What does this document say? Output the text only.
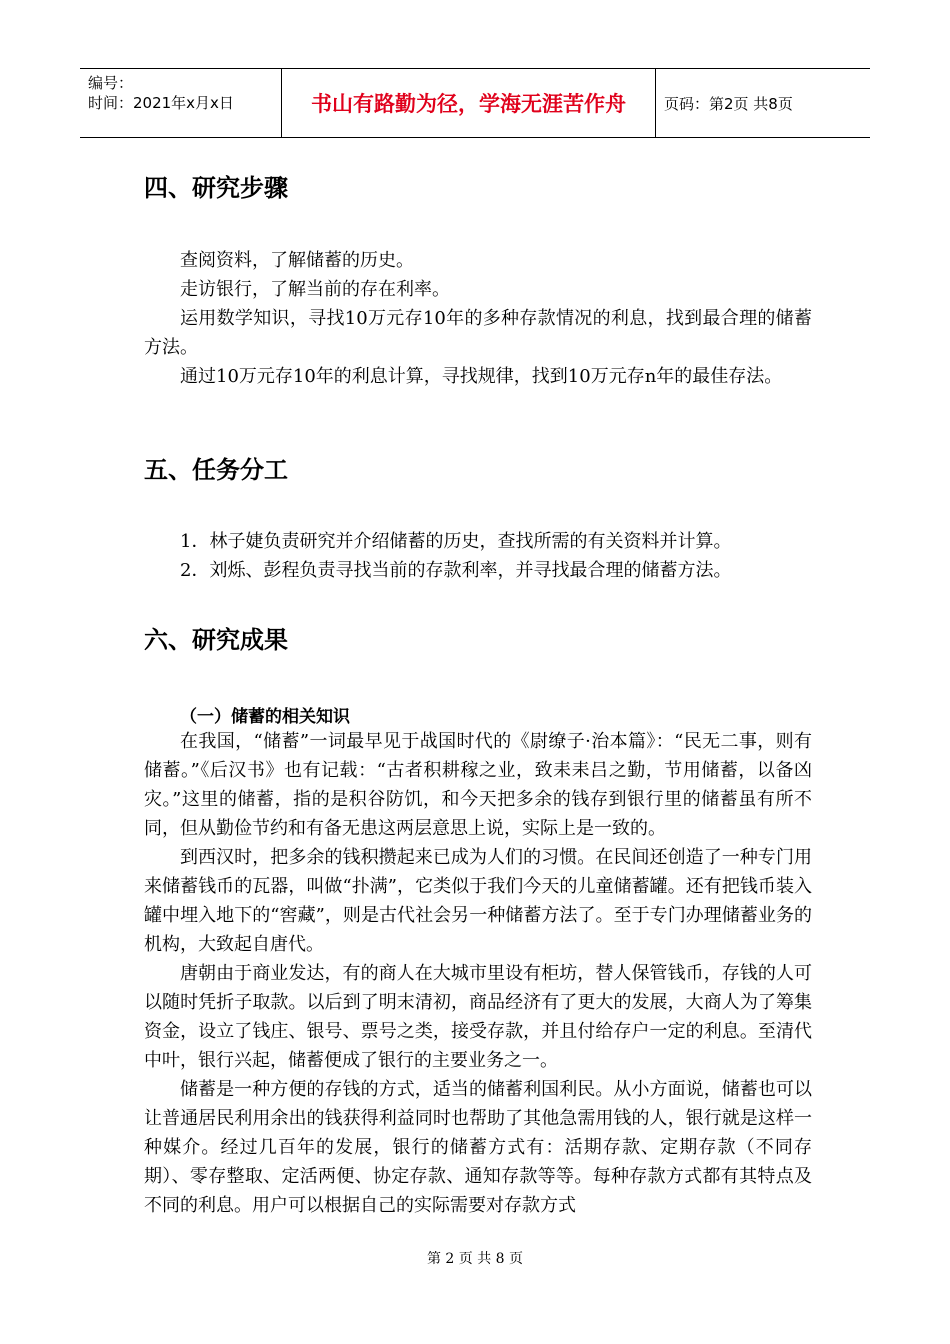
编号：
时间：2021年x月x日	书山有路勤为径，学海无涯苦作舟	页码：第2页 共8页
四、研究步骤

查阅资料，了解储蓄的历史。

走访银行，了解当前的存在利率。

运用数学知识，寻找10万元存10年的多种存款情况的利息，找到最合理的储蓄方法。

通过10万元存10年的利息计算，寻找规律，找到10万元存n年的最佳存法。

五、任务分工

1．林子婕负责研究并介绍储蓄的历史，查找所需的有关资料并计算。

2．刘烁、彭程负责寻找当前的存款利率，并寻找最合理的储蓄方法。

六、研究成果
（一）储蓄的相关知识

在我国，“储蓄”一词最早见于战国时代的《尉缭子·治本篇》：“民无二事，则有储蓄。”《后汉书》也有记载：“古者积耕稼之业，致耒耒吕之勤，节用储蓄，以备凶灾。”这里的储蓄，指的是积谷防饥，和今天把多余的钱存到银行里的储蓄虽有所不同，但从勤俭节约和有备无患这两层意思上说，实际上是一致的。

到西汉时，把多余的钱积攒起来已成为人们的习惯。在民间还创造了一种专门用来储蓄钱币的瓦器，叫做“扑满”，它类似于我们今天的儿童储蓄罐。还有把钱币装入罐中埋入地下的“窖藏”，则是古代社会另一种储蓄方法了。至于专门办理储蓄业务的机构，大致起自唐代。

唐朝由于商业发达，有的商人在大城市里设有柜坊，替人保管钱币，存钱的人可以随时凭折子取款。以后到了明末清初，商品经济有了更大的发展，大商人为了筹集资金，设立了钱庄、银号、票号之类，接受存款，并且付给存户一定的利息。至清代中叶，银行兴起，储蓄便成了银行的主要业务之一。

储蓄是一种方便的存钱的方式，适当的储蓄利国利民。从小方面说，储蓄也可以让普通居民利用余出的钱获得利益同时也帮助了其他急需用钱的人，银行就是这样一种媒介。经过几百年的发展，银行的储蓄方式有：活期存款、定期存款（不同存期）、零存整取、定活两便、协定存款、通知存款等等。每种存款方式都有其特点及不同的利息。用户可以根据自己的实际需要对存款方式

第 2 页 共 8 页
